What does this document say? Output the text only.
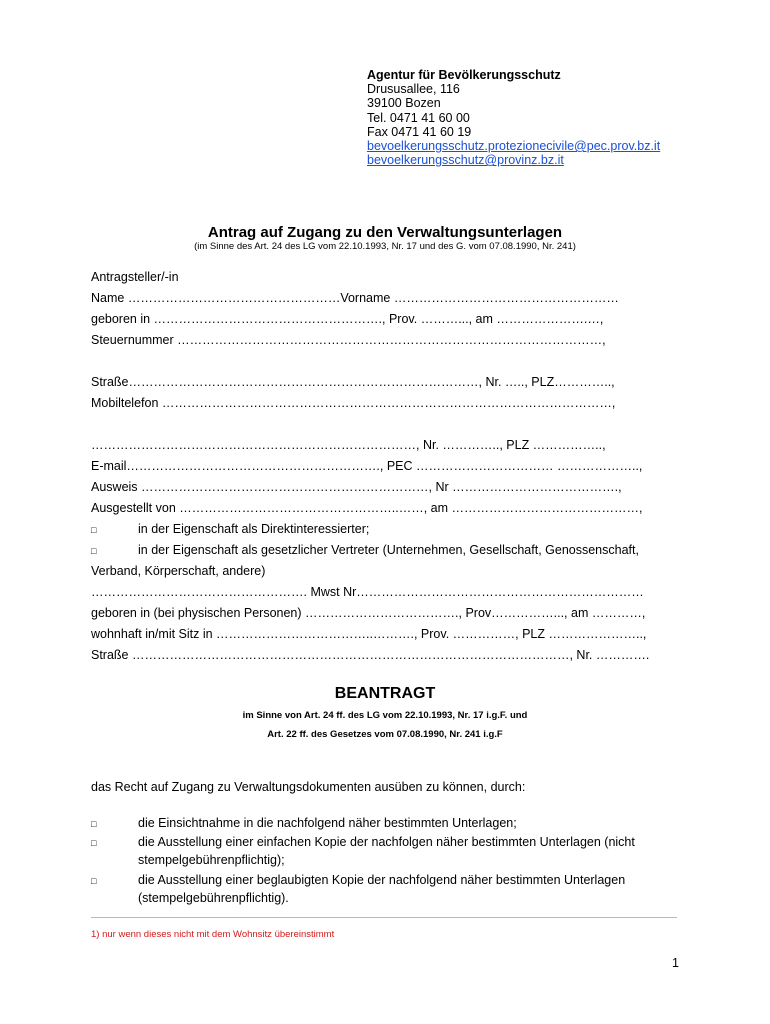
Agentur für Bevölkerungsschutz
Drususallee, 116
39100 Bozen
Tel. 0471 41 60 00
Fax 0471 41 60 19
bevoelkerungsschutz.protezionecivile@pec.prov.bz.it
bevoelkerungsschutz@provinz.bz.it
Antrag auf Zugang zu den Verwaltungsunterlagen
(im Sinne des Art. 24 des LG vom 22.10.1993, Nr. 17 und des G. vom 07.08.1990, Nr. 241)
Antragsteller/-in
Name ……………………………………………Vorname ………………………………………………
geboren in ………………………………………………., Prov. ………..., am ………………….…,
Steuernummer …………………………………………………………………………………………,
Straße…………………………………………………………………………, Nr. ….., PLZ…………..,
Mobiltelefon ………………………………………………………………………………………………,
……………………………………………………………………, Nr. ………….., PLZ ……………..,
E-mail……………………………………………………., PEC …………………………… ………………..,
Ausweis ……………………………………………………………, Nr ………………………………….,
Ausgestellt von ……………………………………………..……, am ………………………………………,
□	in der Eigenschaft als Direktinteressierter;
□	in der Eigenschaft als gesetzlicher Vertreter (Unternehmen, Gesellschaft, Genossenschaft,
Verband, Körperschaft, andere)
……………………………………………. Mwst Nr……………………………………………………………
geboren in (bei physischen Personen) ………………………………., Prov……………..., am …………,
wohnhaft in/mit Sitz in ………………………………..………., Prov. ……………, PLZ …………………..,
Straße ……………………………………………………………………………………………, Nr. ………….
BEANTRAGT
im Sinne von Art. 24 ff. des LG vom 22.10.1993, Nr. 17 i.g.F. und
Art. 22 ff. des Gesetzes vom 07.08.1990, Nr. 241 i.g.F
das Recht auf Zugang zu Verwaltungsdokumenten ausüben zu können, durch:
□	die Einsichtnahme in die nachfolgend näher bestimmten Unterlagen;
□	die Ausstellung einer einfachen Kopie der nachfolgen näher bestimmten Unterlagen (nicht
stempelgebührenpflichtig);
□	die Ausstellung einer beglaubigten Kopie der nachfolgend näher bestimmten Unterlagen
(stempelgebührenpflichtig).
1) nur wenn dieses nicht mit dem Wohnsitz übereinstimmt
1
